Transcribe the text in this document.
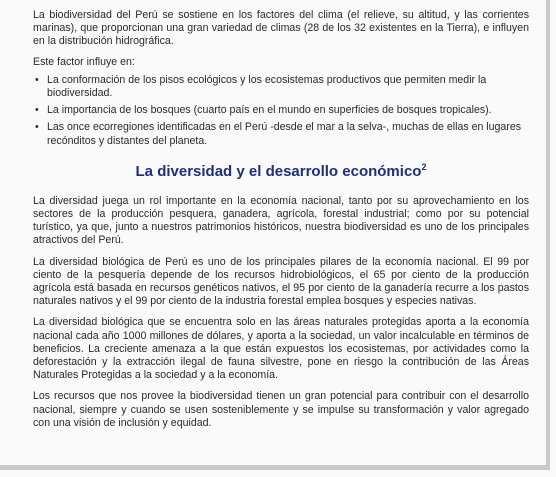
La biodiversidad del Perú se sostiene en los factores del clima (el relieve, su altitud, y las corrientes marinas), que proporcionan una gran variedad de climas (28 de los 32 existentes en la Tierra), e influyen en la distribución hidrográfica.

Este factor influye en:

• La conformación de los pisos ecológicos y los ecosistemas productivos que permiten medir la biodiversidad.
• La importancia de los bosques (cuarto país en el mundo en superficies de bosques tropicales).
• Las once ecorregiones identificadas en el Perú -desde el mar a la selva-, muchas de ellas en lugares recónditos y distantes del planeta.
La diversidad y el desarrollo económico$^2$

La diversidad juega un rol importante en la economía nacional, tanto por su aprovechamiento en los sectores de la producción pesquera, ganadera, agrícola, forestal industrial; como por su potencial turístico, ya que, junto a nuestros patrimonios históricos, nuestra biodiversidad es uno de los principales atractivos del Perú.

La diversidad biológica de Perú es uno de los principales pilares de la economía nacional. El 99 por ciento de la pesquería depende de los recursos hidrobiológicos, el 65 por ciento de la producción agrícola está basada en recursos genéticos nativos, el 95 por ciento de la ganadería recurre a los pastos naturales nativos y el 99 por ciento de la industria forestal emplea bosques y especies nativas.

La diversidad biológica que se encuentra solo en las áreas naturales protegidas aporta a la economía nacional cada año 1000 millones de dólares, y aporta a la sociedad, un valor incalculable en términos de beneficios. La creciente amenaza a la que están expuestos los ecosistemas, por actividades como la deforestación y la extracción ilegal de fauna silvestre, pone en riesgo la contribución de las Áreas Naturales Protegidas a la sociedad y a la economía.

Los recursos que nos provee la biodiversidad tienen un gran potencial para contribuir con el desarrollo nacional, siempre y cuando se usen sosteniblemente y se impulse su transformación y valor agregado con una visión de inclusión y equidad.
